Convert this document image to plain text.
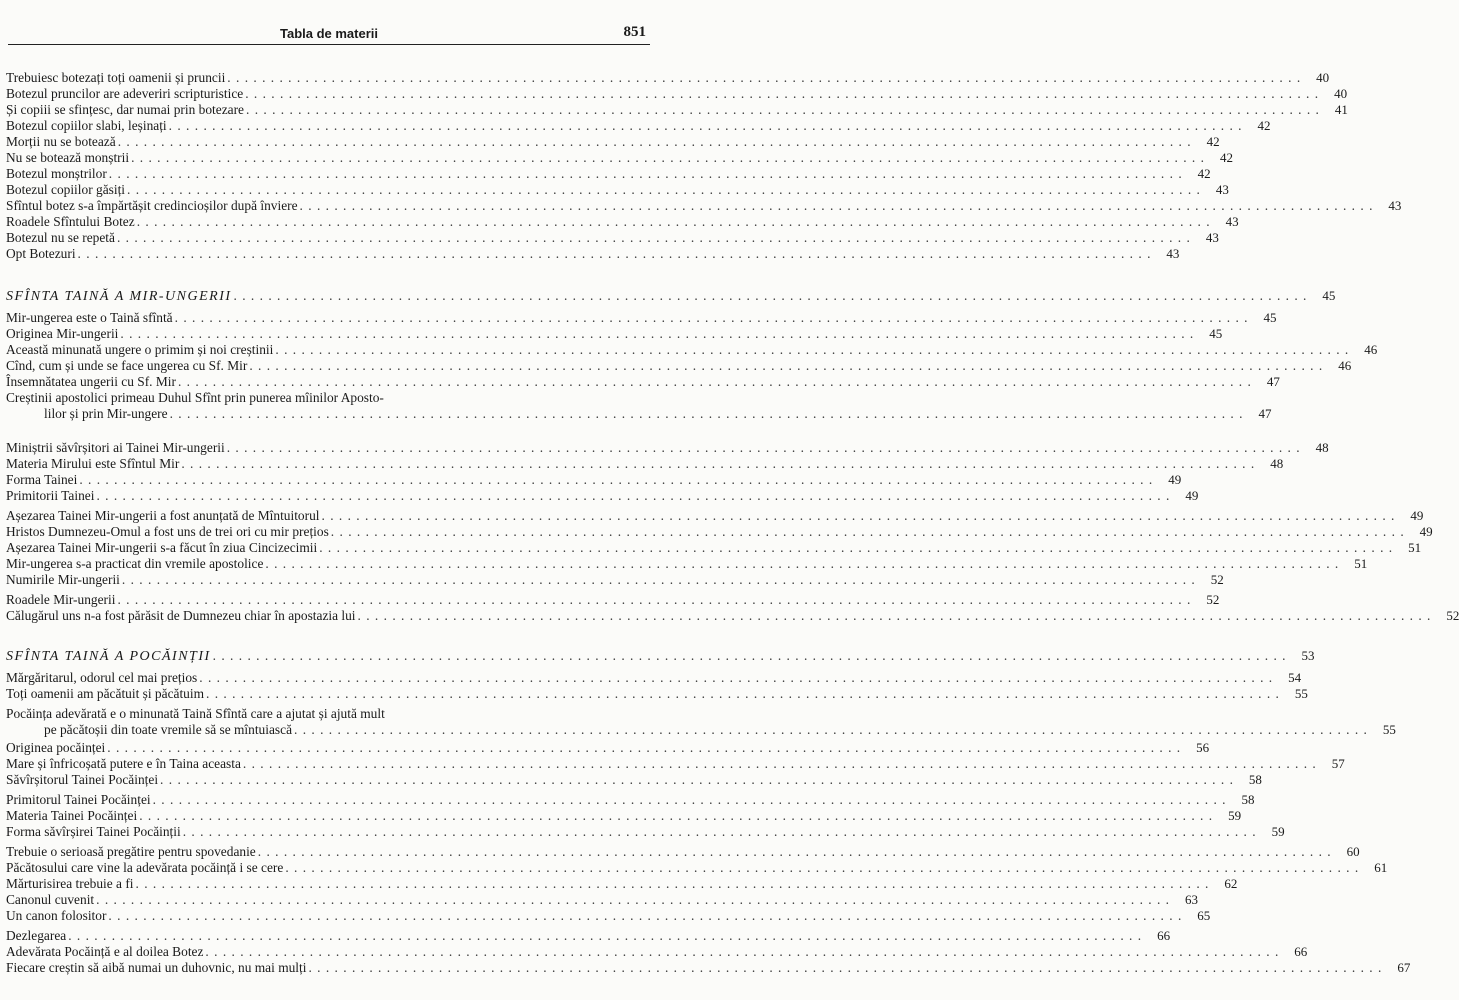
Tabla de materii	851
Trebuiesc botezați toți oamenii și pruncii . . .	40
Botezul pruncilor are adeveriri scripturistice . . .	40
Și copiii se sfințesc, dar numai prin botezare . . .	41
Botezul copiilor slabi, leșinați . . .	42
Morții nu se botează . . .	42
Nu se botează monștrii . . .	42
Botezul monștrilor . . .	42
Botezul copiilor găsiți . . .	43
Sfîntul botez s-a împărtășit credincioșilor după înviere . . .	43
Roadele Sfîntului Botez . . .	43
Botezul nu se repetă . . .	43
Opt Botezuri . . .	43
SFÎNTA TAINĂ A MIR-UNGERII . . .	45
Mir-ungerea este o Taină sfîntă . . .	45
Originea Mir-ungerii . . .	45
Această minunată ungere o primim și noi creștinii . . .	46
Cînd, cum și unde se face ungerea cu Sf. Mir . . .	46
Însemnătatea ungerii cu Sf. Mir . . .	47
Creștinii apostolici primeau Duhul Sfînt prin punerea mîinilor Aposto-
lilor și prin Mir-ungere . . .	47
Miniștrii săvîrșitori ai Tainei Mir-ungerii . . .	48
Materia Mirului este Sfîntul Mir . . .	48
Forma Tainei . . .	49
Primitorii Tainei . . .	49
Așezarea Tainei Mir-ungerii a fost anunțată de Mîntuitorul . . .	49
Hristos Dumnezeu-Omul a fost uns de trei ori cu mir prețios . . .	49
Așezarea Tainei Mir-ungerii s-a făcut în ziua Cincizecimii . . .	51
Mir-ungerea s-a practicat din vremile apostolice . . .	51
Numirile Mir-ungerii . . .	52
Roadele Mir-ungerii . . .	52
Călugărul uns n-a fost părăsit de Dumnezeu chiar în apostazia lui . . .	52
SFÎNTA TAINĂ A POCĂINȚII . . .	53
Mărgăritarul, odorul cel mai prețios . . .	54
Toți oamenii am păcătuit și păcătuim . . .	55
Pocăința adevărată e o minunată Taină Sfîntă care a ajutat și ajută mult
pe păcătoșii din toate vremile să se mîntuiască . . .	55
Originea pocăinței . . .	56
Mare și înfricoșată putere e în Taina aceasta . . .	57
Săvîrșitorul Tainei Pocăinței . . .	58
Primitorul Tainei Pocăinței . . .	58
Materia Tainei Pocăinței . . .	59
Forma săvîrșirei Tainei Pocăinții . . .	59
Trebuie o serioasă pregătire pentru spovedanie . . .	60
Păcătosului care vine la adevărata pocăință i se cere . . .	61
Mărturisirea trebuie a fi . . .	62
Canonul cuvenit . . .	63
Un canon folositor . . .	65
Dezlegarea . . .	66
Adevărata Pocăință e al doilea Botez . . .	66
Fiecare creștin să aibă numai un duhovnic, nu mai mulți . . .	67
